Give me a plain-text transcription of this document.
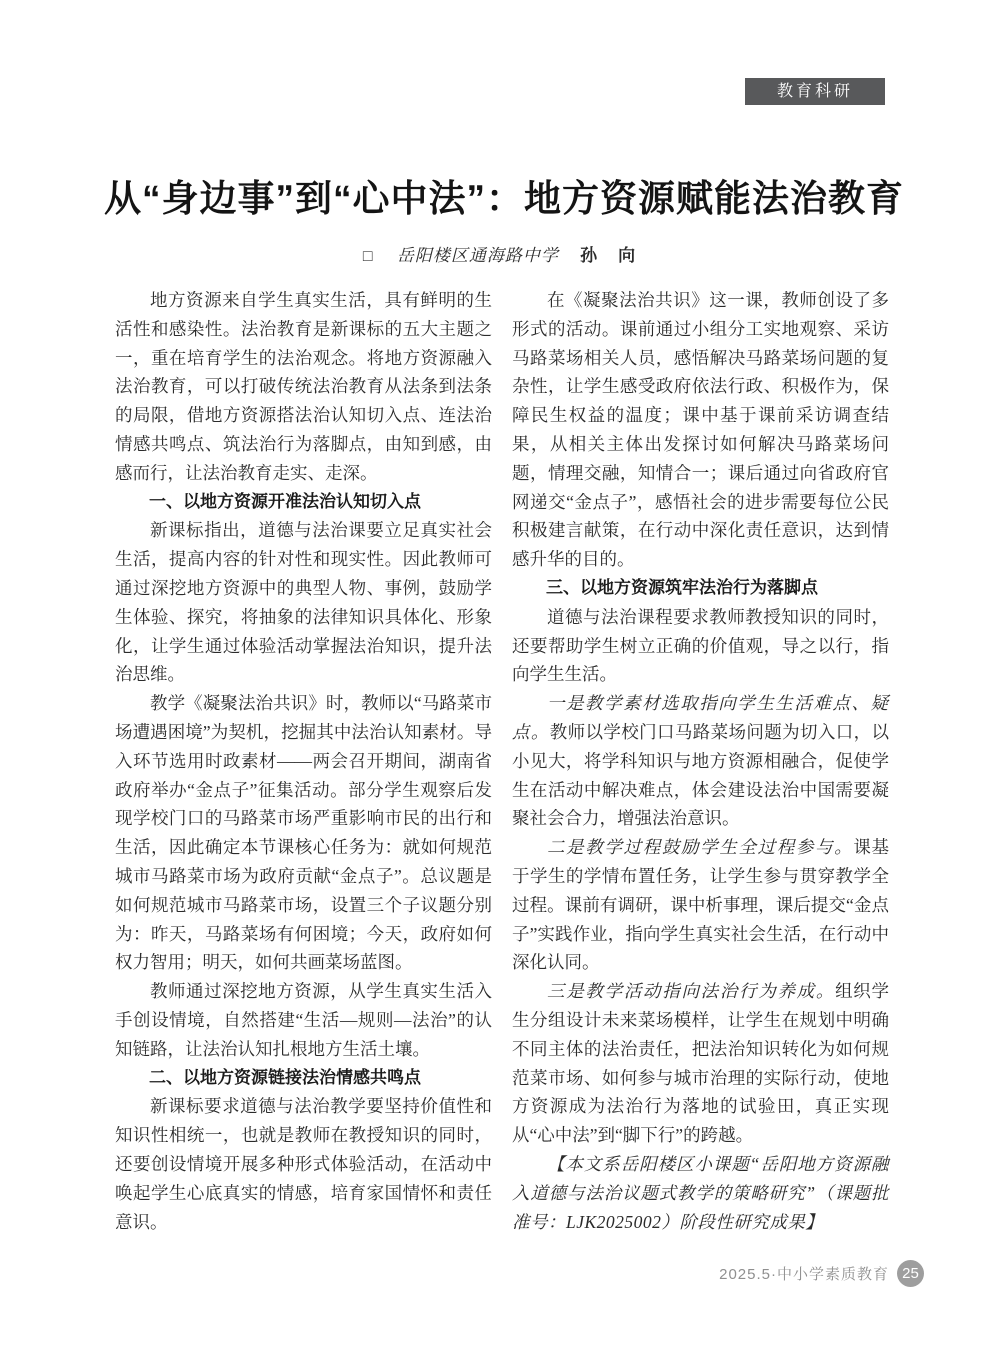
教育科研
从“身边事”到“心中法”：地方资源赋能法治教育
□ 岳阳楼区通海路中学 孙　向

地方资源来自学生真实生活，具有鲜明的生活性和感染性。法治教育是新课标的五大主题之一，重在培育学生的法治观念。将地方资源融入法治教育，可以打破传统法治教育从法条到法条的局限，借地方资源搭法治认知切入点、连法治情感共鸣点、筑法治行为落脚点，由知到感，由感而行，让法治教育走实、走深。

一、以地方资源开准法治认知切入点

新课标指出，道德与法治课要立足真实社会生活，提高内容的针对性和现实性。因此教师可通过深挖地方资源中的典型人物、事例，鼓励学生体验、探究，将抽象的法律知识具体化、形象化，让学生通过体验活动掌握法治知识，提升法治思维。

教学《凝聚法治共识》时，教师以“马路菜市场遭遇困境”为契机，挖掘其中法治认知素材。导入环节选用时政素材——两会召开期间，湖南省政府举办“金点子”征集活动。部分学生观察后发现学校门口的马路菜市场严重影响市民的出行和生活，因此确定本节课核心任务为：就如何规范城市马路菜市场为政府贡献“金点子”。总议题是如何规范城市马路菜市场，设置三个子议题分别为：昨天，马路菜场有何困境；今天，政府如何权力智用；明天，如何共画菜场蓝图。

教师通过深挖地方资源，从学生真实生活入手创设情境，自然搭建“生活—规则—法治”的认知链路，让法治认知扎根地方生活土壤。

二、以地方资源链接法治情感共鸣点

新课标要求道德与法治教学要坚持价值性和知识性相统一，也就是教师在教授知识的同时，还要创设情境开展多种形式体验活动，在活动中唤起学生心底真实的情感，培育家国情怀和责任意识。

在《凝聚法治共识》这一课，教师创设了多形式的活动。课前通过小组分工实地观察、采访马路菜场相关人员，感悟解决马路菜场问题的复杂性，让学生感受政府依法行政、积极作为，保障民生权益的温度；课中基于课前采访调查结果，从相关主体出发探讨如何解决马路菜场问题，情理交融，知情合一；课后通过向省政府官网递交“金点子”，感悟社会的进步需要每位公民积极建言献策，在行动中深化责任意识，达到情感升华的目的。

三、以地方资源筑牢法治行为落脚点

道德与法治课程要求教师教授知识的同时，还要帮助学生树立正确的价值观，导之以行，指向学生生活。

一是教学素材选取指向学生生活难点、疑点。教师以学校门口马路菜场问题为切入口，以小见大，将学科知识与地方资源相融合，促使学生在活动中解决难点，体会建设法治中国需要凝聚社会合力，增强法治意识。

二是教学过程鼓励学生全过程参与。课基于学生的学情布置任务，让学生参与贯穿教学全过程。课前有调研，课中析事理，课后提交“金点子”实践作业，指向学生真实社会生活，在行动中深化认同。

三是教学活动指向法治行为养成。组织学生分组设计未来菜场模样，让学生在规划中明确不同主体的法治责任，把法治知识转化为如何规范菜市场、如何参与城市治理的实际行动，使地方资源成为法治行为落地的试验田，真正实现从“心中法”到“脚下行”的跨越。

【本文系岳阳楼区小课题“岳阳地方资源融入道德与法治议题式教学的策略研究”（课题批准号：LJK2025002）阶段性研究成果】

2025.5·中小学素质教育 25
